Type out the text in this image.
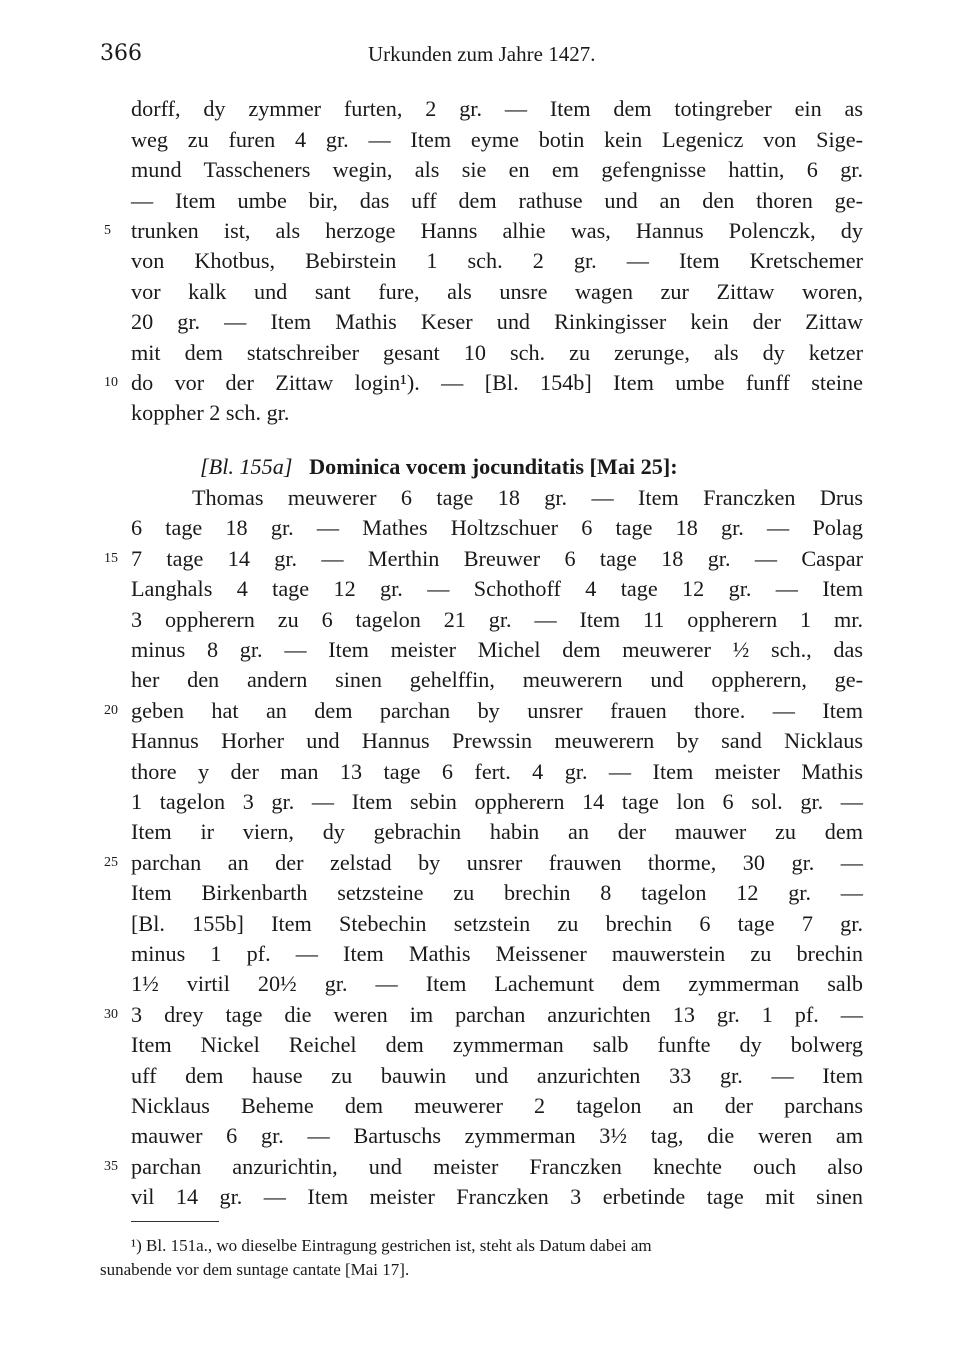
366	Urkunden zum Jahre 1427.
dorff, dy zymmer furten, 2 gr. — Item dem totingreber ein as
weg zu furen 4 gr. — Item eyme botin kein Legenicz von Sige-
mund Tasscheners wegin, als sie en em gefengnisse hattin, 6 gr.
— Item umbe bir, das uff dem rathuse und an den thoren ge-
trunken ist, als herzoge Hanns alhie was, Hannus Polenczk, dy
von Khotbus, Bebirstein 1 sch. 2 gr. — Item Kretschemer
vor kalk und sant fure, als unsre wagen zur Zittaw woren,
20 gr. — Item Mathis Keser und Rinkingisser kein der Zittaw
mit dem statschreiber gesant 10 sch. zu zerunge, als dy ketzer
do vor der Zittaw login¹). — [Bl. 154b] Item umbe funff steine
koppher 2 sch. gr.
[Bl. 155a] Dominica vocem jocunditatis [Mai 25]:
Thomas meuwerer 6 tage 18 gr. — Item Franczken Drus
6 tage 18 gr. — Mathes Holtzschuer 6 tage 18 gr. — Polag
7 tage 14 gr. — Merthin Breuwer 6 tage 18 gr. — Caspar
Langhals 4 tage 12 gr. — Schothoff 4 tage 12 gr. — Item
3 oppherern zu 6 tagelon 21 gr. — Item 11 oppherern 1 mr.
minus 8 gr. — Item meister Michel dem meuwerer ½ sch., das
her den andern sinen gehelffin, meuwerern und oppherern, ge-
geben hat an dem parchan by unsrer frauen thore. — Item
Hannus Horher und Hannus Prewssin meuwerern by sand Nicklaus
thore y der man 13 tage 6 fert. 4 gr. — Item meister Mathis
1 tagelon 3 gr. — Item sebin oppherern 14 tage lon 6 sol. gr. —
Item ir viern, dy gebrachin habin an der mauwer zu dem
parchan an der zelstad by unsrer frauwen thorme, 30 gr. —
Item Birkenbarth setzsteine zu brechin 8 tagelon 12 gr. —
[Bl. 155b] Item Stebechin setzstein zu brechin 6 tage 7 gr.
minus 1 pf. — Item Mathis Meissener mauwerstein zu brechin
1½ virtil 20½ gr. — Item Lachemunt dem zymmerman salb
3 drey tage die weren im parchan anzurichten 13 gr. 1 pf. —
Item Nickel Reichel dem zymmerman salb funfte dy bolwerg
uff dem hause zu bauwin und anzurichten 33 gr. — Item
Nicklaus Beheme dem meuwerer 2 tagelon an der parchans
mauwer 6 gr. — Bartuschs zymmerman 3½ tag, die weren am
parchan anzurichtin, und meister Franczken knechte ouch also
vil 14 gr. — Item meister Franczken 3 erbetinde tage mit sinen
5
10
15
20
25
30
35
¹) Bl. 151a., wo dieselbe Eintragung gestrichen ist, steht als Datum dabei am
sunabende vor dem suntage cantate [Mai 17].
